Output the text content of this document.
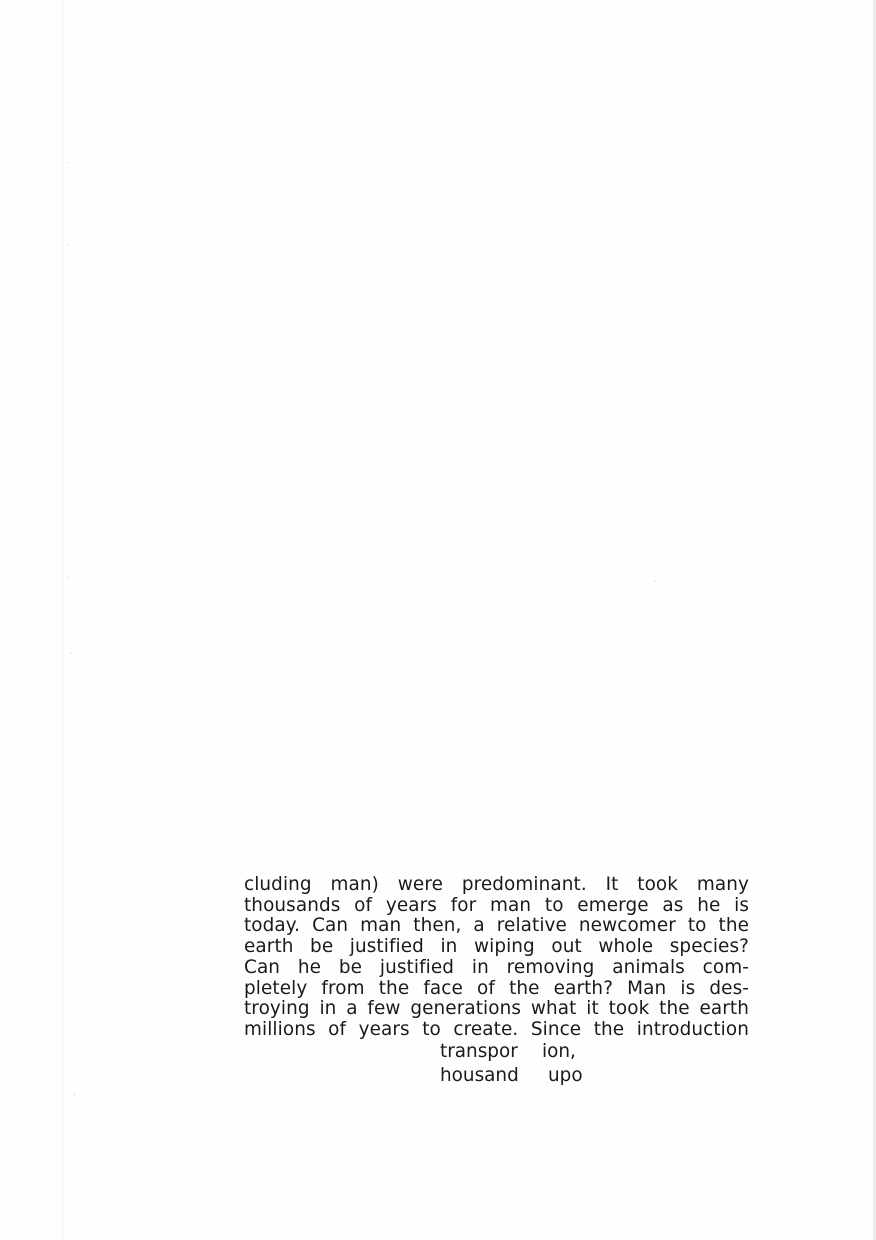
·
·
·
·
·
·
cluding man) were predominant. It took many
thousands of years for man to emerge as he is
today. Can man then, a relative newcomer to the
earth be justified in wiping out whole species?
Can he be justified in removing animals com-
pletely from the face of the earth? Man is des-
troying in a few generations what it took the earth
millions of years to create. Since the introduction
transpor ion,
housand upo
